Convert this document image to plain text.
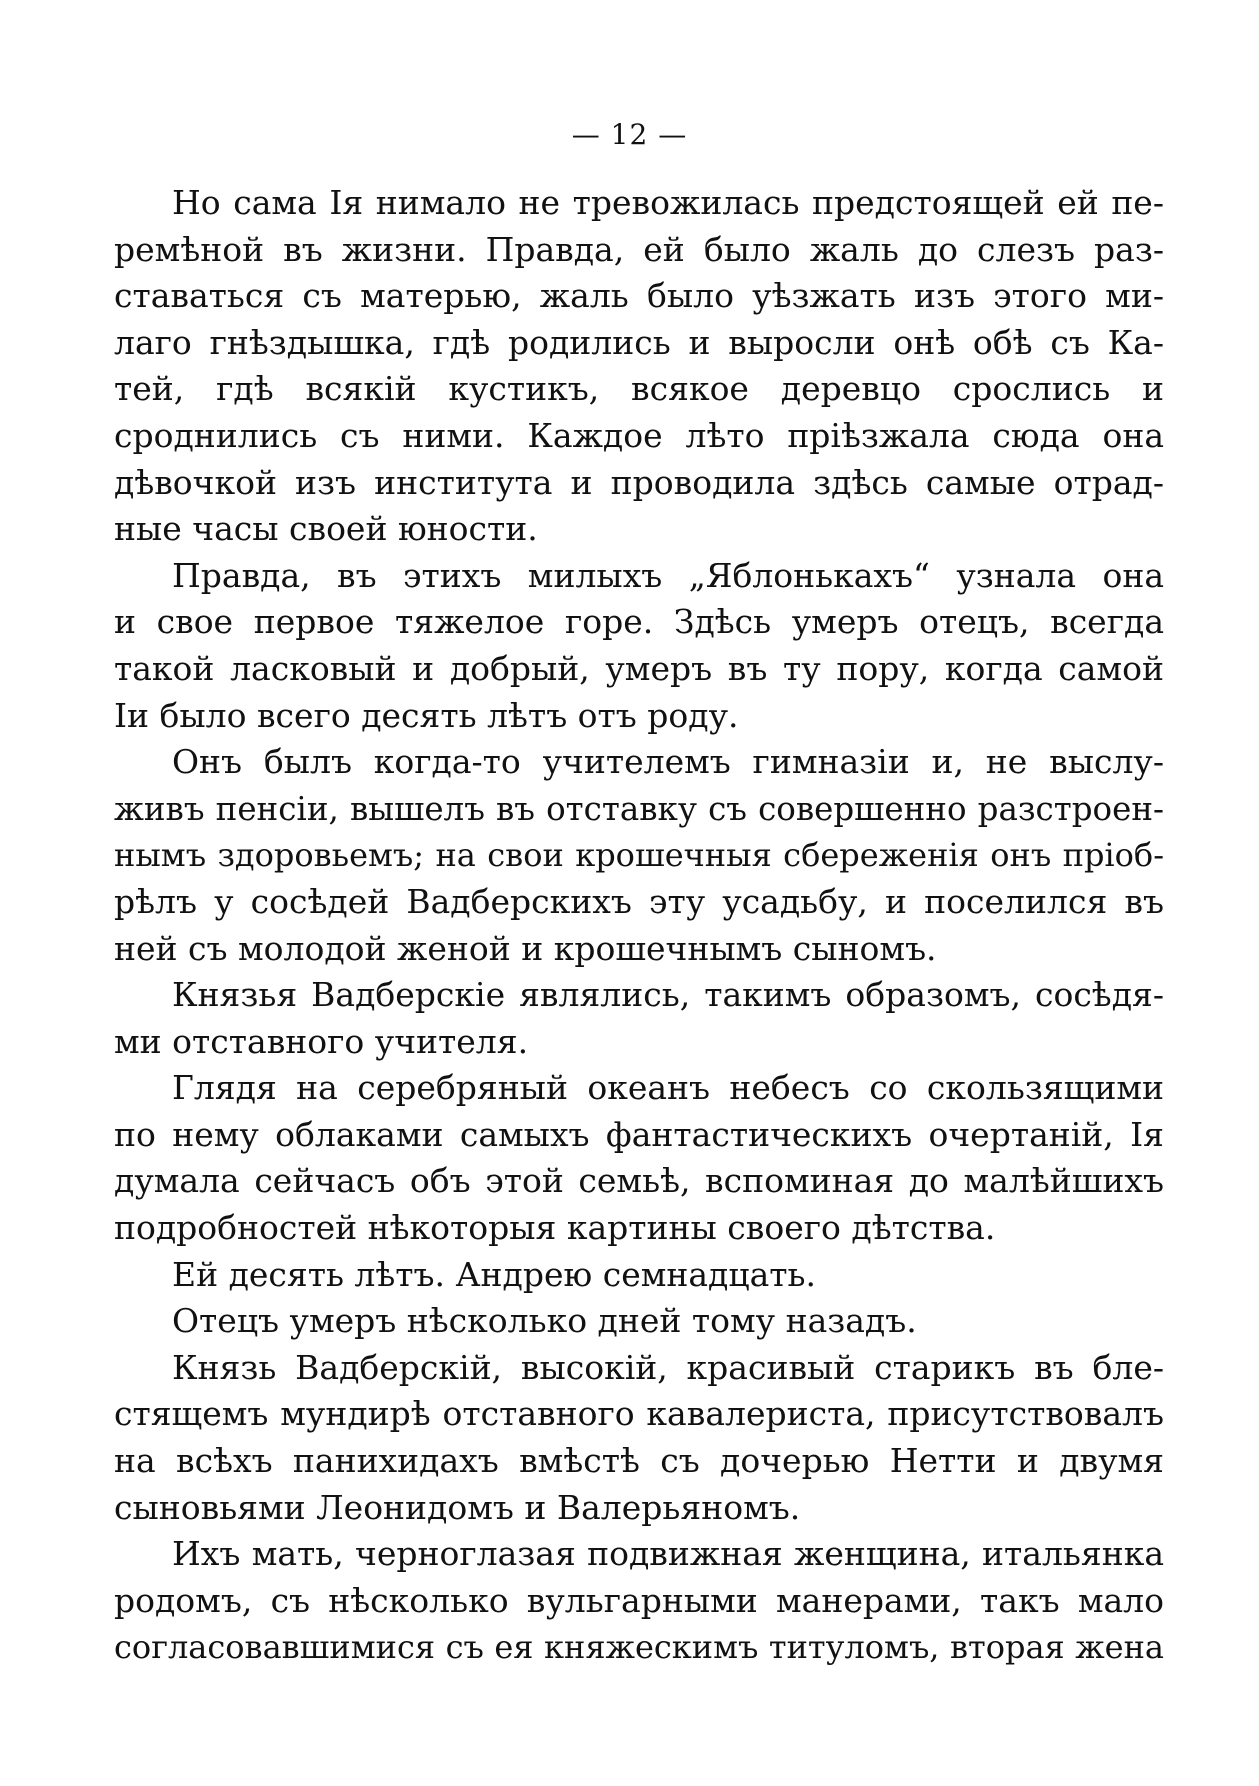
— 12 —
Но сама Ія нимало не тревожилась предстоящей ей пе-
ремѣной въ жизни. Правда, ей было жаль до слезъ раз-
ставаться съ матерью, жаль было уѣзжать изъ этого ми-
лаго гнѣздышка, гдѣ родились и выросли онѣ обѣ съ Ка-
тей, гдѣ всякій кустикъ, всякое деревцо срослись и
сроднились съ ними. Каждое лѣто пріѣзжала сюда она
дѣвочкой изъ института и проводила здѣсь самые отрад-
ные часы своей юности.
Правда, въ этихъ милыхъ „Яблонькахъ“ узнала она
и свое первое тяжелое горе. Здѣсь умеръ отецъ, всегда
такой ласковый и добрый, умеръ въ ту пору, когда самой
Іи было всего десять лѣтъ отъ роду.
Онъ былъ когда-то учителемъ гимназіи и, не выслу-
живъ пенсіи, вышелъ въ отставку съ совершенно разстроен-
нымъ здоровьемъ; на свои крошечныя сбереженія онъ пріоб-
рѣлъ у сосѣдей Вадберскихъ эту усадьбу, и поселился въ
ней съ молодой женой и крошечнымъ сыномъ.
Князья Вадберскіе являлись, такимъ образомъ, сосѣдя-
ми отставного учителя.
Глядя на серебряный океанъ небесъ со скользящими
по нему облаками самыхъ фантастическихъ очертаній, Ія
думала сейчасъ объ этой семьѣ, вспоминая до малѣйшихъ
подробностей нѣкоторыя картины своего дѣтства.
Ей десять лѣтъ. Андрею семнадцать.
Отецъ умеръ нѣсколько дней тому назадъ.
Князь Вадберскій, высокій, красивый старикъ въ бле-
стящемъ мундирѣ отставного кавалериста, присутствовалъ
на всѣхъ панихидахъ вмѣстѣ съ дочерью Нетти и двумя
сыновьями Леонидомъ и Валерьяномъ.
Ихъ мать, черноглазая подвижная женщина, итальянка
родомъ, съ нѣсколько вульгарными манерами, такъ мало
согласовавшимися съ ея княжескимъ титуломъ, вторая жена
